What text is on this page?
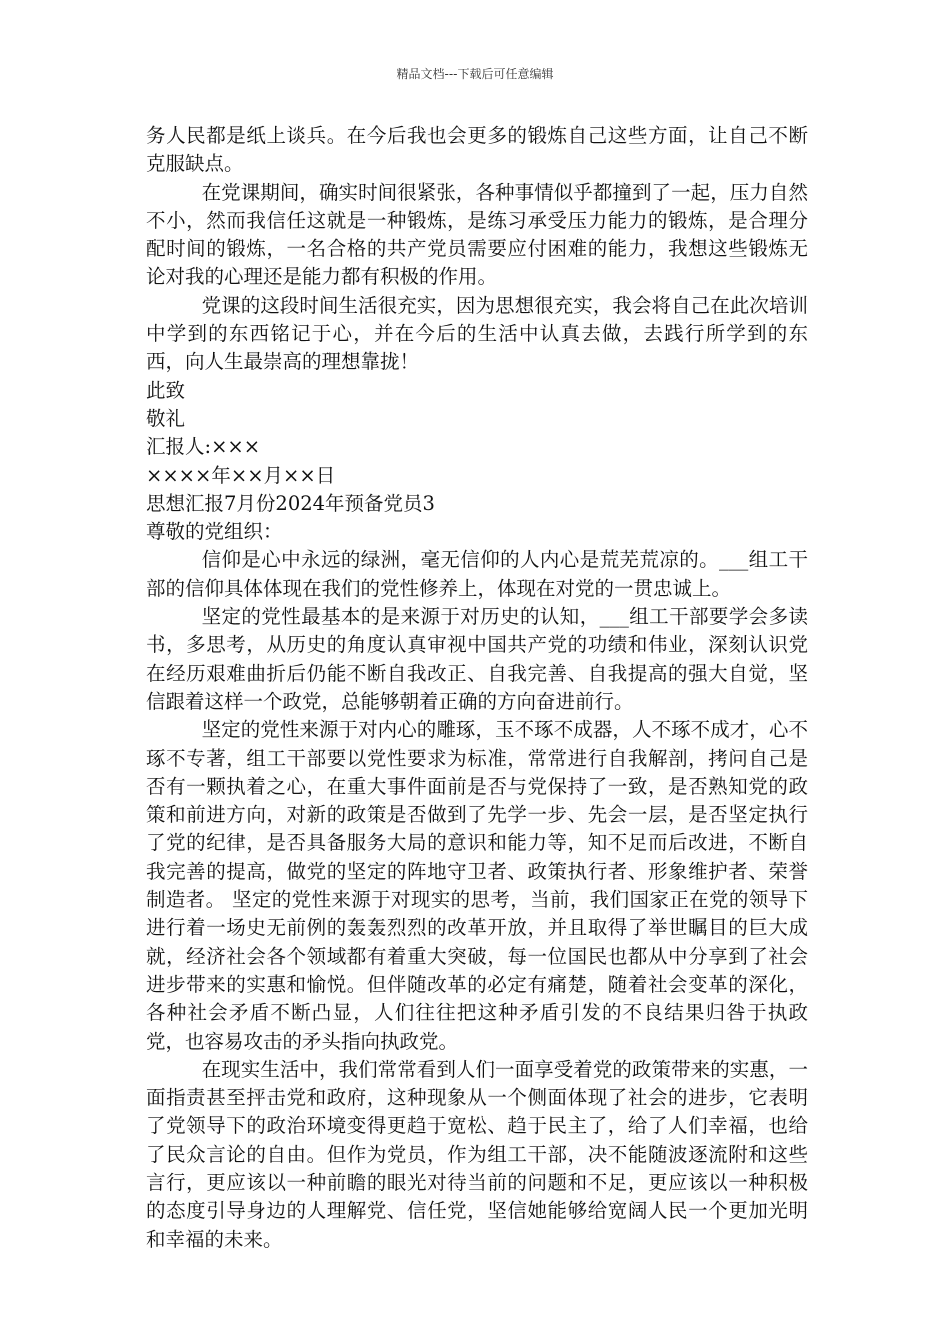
精品文档---下载后可任意编辑

务人民都是纸上谈兵。在今后我也会更多的锻炼自己这些方面，让自己不断克服缺点。

在党课期间，确实时间很紧张，各种事情似乎都撞到了一起，压力自然不小，然而我信任这就是一种锻炼，是练习承受压力能力的锻炼，是合理分配时间的锻炼，一名合格的共产党员需要应付困难的能力，我想这些锻炼无论对我的心理还是能力都有积极的作用。

党课的这段时间生活很充实，因为思想很充实，我会将自己在此次培训中学到的东西铭记于心，并在今后的生活中认真去做，去践行所学到的东西，向人生最崇高的理想靠拢！

此致

敬礼

汇报人:×××

××××年××月××日

思想汇报7月份2024年预备党员3

尊敬的党组织：

信仰是心中永远的绿洲，毫无信仰的人内心是荒芜荒凉的。___组工干部的信仰具体体现在我们的党性修养上，体现在对党的一贯忠诚上。

坚定的党性最基本的是来源于对历史的认知，___组工干部要学会多读书，多思考，从历史的角度认真审视中国共产党的功绩和伟业，深刻认识党在经历艰难曲折后仍能不断自我改正、自我完善、自我提高的强大自觉，坚信跟着这样一个政党，总能够朝着正确的方向奋进前行。

坚定的党性来源于对内心的雕琢，玉不琢不成器，人不琢不成才，心不琢不专著，组工干部要以党性要求为标准，常常进行自我解剖，拷问自己是否有一颗执着之心，在重大事件面前是否与党保持了一致，是否熟知党的政策和前进方向，对新的政策是否做到了先学一步、先会一层，是否坚定执行了党的纪律，是否具备服务大局的意识和能力等，知不足而后改进，不断自我完善的提高，做党的坚定的阵地守卫者、政策执行者、形象维护者、荣誉制造者。 坚定的党性来源于对现实的思考，当前，我们国家正在党的领导下进行着一场史无前例的轰轰烈烈的改革开放，并且取得了举世瞩目的巨大成就，经济社会各个领域都有着重大突破，每一位国民也都从中分享到了社会进步带来的实惠和愉悦。但伴随改革的必定有痛楚，随着社会变革的深化，各种社会矛盾不断凸显，人们往往把这种矛盾引发的不良结果归咎于执政党，也容易攻击的矛头指向执政党。

在现实生活中，我们常常看到人们一面享受着党的政策带来的实惠，一面指责甚至抨击党和政府，这种现象从一个侧面体现了社会的进步，它表明了党领导下的政治环境变得更趋于宽松、趋于民主了，给了人们幸福，也给了民众言论的自由。但作为党员，作为组工干部，决不能随波逐流附和这些言行，更应该以一种前瞻的眼光对待当前的问题和不足，更应该以一种积极的态度引导身边的人理解党、信任党，坚信她能够给宽阔人民一个更加光明和幸福的未来。
